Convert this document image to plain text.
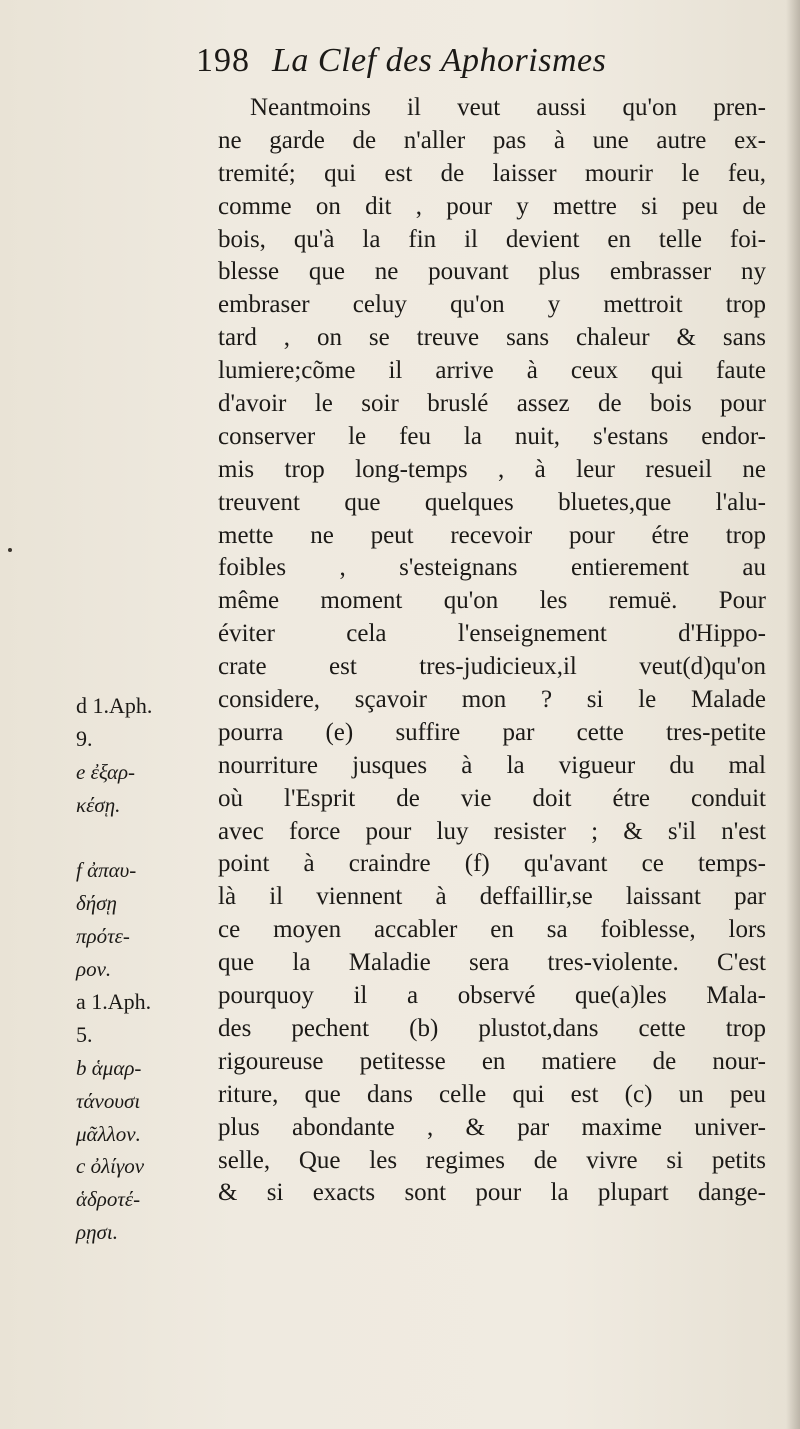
198 La Clef des Aphorismes
Neantmoins il veut aussi qu'on pren-
ne garde de n'aller pas à une autre ex-
tremité; qui est de laisser mourir le feu,
comme on dit , pour y mettre si peu de
bois, qu'à la fin il devient en telle foi-
blesse que ne pouvant plus embrasser ny
embraser celuy qu'on y mettroit trop
tard , on se treuve sans chaleur & sans
lumiere;cõme il arrive à ceux qui faute
d'avoir le soir bruslé assez de bois pour
conserver le feu la nuit, s'estans endor-
mis trop long-temps , à leur resueil ne
treuvent que quelques bluetes,que l'alu-
mette ne peut recevoir pour étre trop
foibles , s'esteignans entierement au
même moment qu'on les remuë. Pour
éviter cela l'enseignement d'Hippo-
crate est tres-judicieux,il veut(d)qu'on
considere, sçavoir mon ? si le Malade
pourra (e) suffire par cette tres-petite
nourriture jusques à la vigueur du mal
où l'Esprit de vie doit étre conduit
avec force pour luy resister ; & s'il n'est
point à craindre (f) qu'avant ce temps-
là il viennent à deffaillir,se laissant par
ce moyen accabler en sa foiblesse, lors
que la Maladie sera tres-violente. C'est
pourquoy il a observé que(a)les Mala-
des pechent (b) plustot,dans cette trop
rigoureuse petitesse en matiere de nour-
riture, que dans celle qui est (c) un peu
plus abondante , & par maxime univer-
selle, Que les regimes de vivre si petits
& si exacts sont pour la plupart dange-
d 1.Aph.
9.
e ἐξαρ-
κέσῃ.
f ἀπαυ-
δήσῃ
πρότε-
ρον.
a 1.Aph.
5.
b ἁμαρ-
τάνουσι
μᾶλλον.
c ὀλίγον
ἁδροτέ-
ρῃσι.
